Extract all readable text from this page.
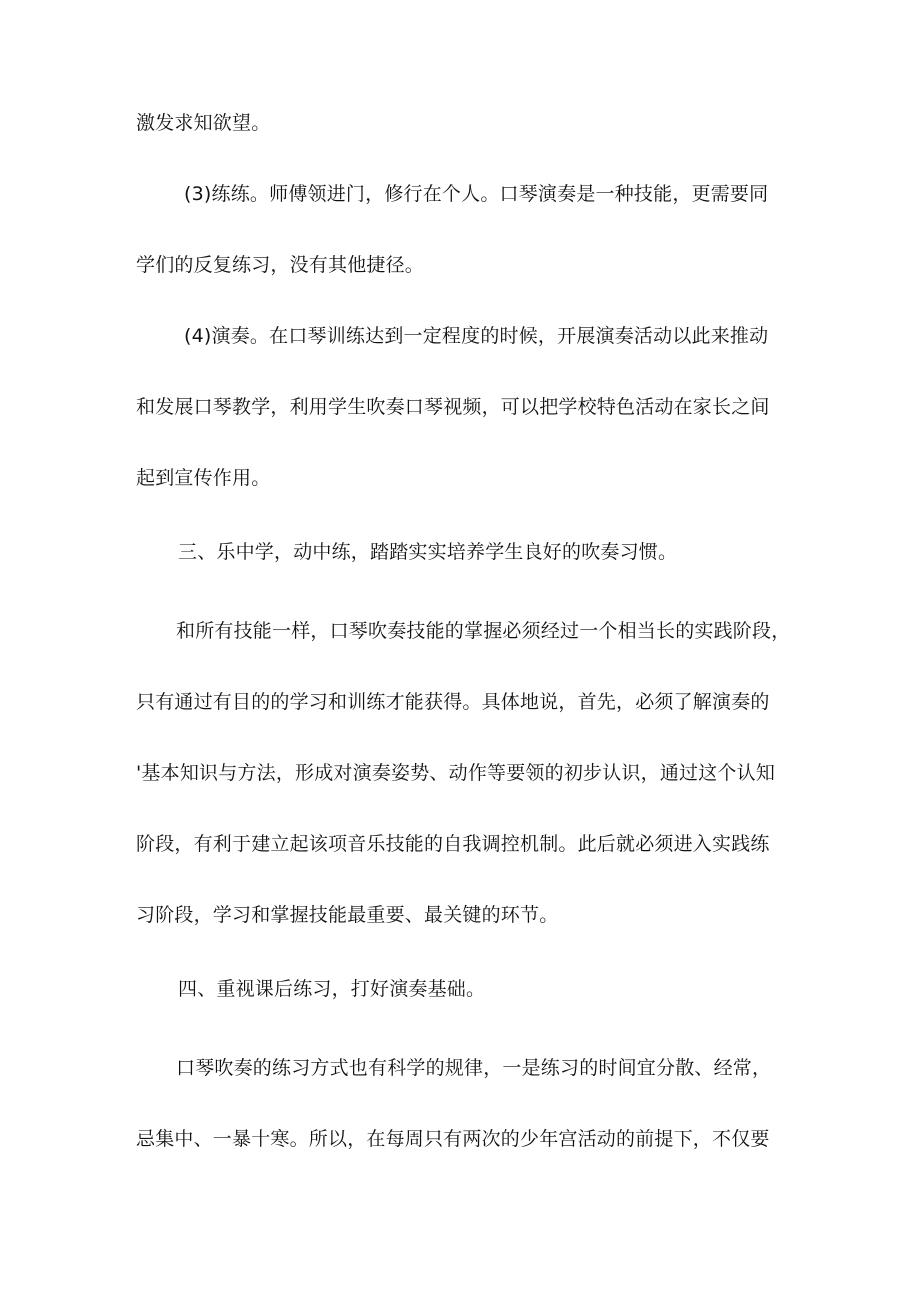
激发求知欲望。
(3)练练。师傅领进门，修行在个人。口琴演奏是一种技能，更需要同
学们的反复练习，没有其他捷径。
(4)演奏。在口琴训练达到一定程度的时候，开展演奏活动以此来推动
和发展口琴教学，利用学生吹奏口琴视频，可以把学校特色活动在家长之间
起到宣传作用。
三、乐中学，动中练，踏踏实实培养学生良好的吹奏习惯。
和所有技能一样，口琴吹奏技能的掌握必须经过一个相当长的实践阶段，
只有通过有目的的学习和训练才能获得。具体地说，首先，必须了解演奏的
'基本知识与方法，形成对演奏姿势、动作等要领的初步认识，通过这个认知
阶段，有利于建立起该项音乐技能的自我调控机制。此后就必须进入实践练
习阶段，学习和掌握技能最重要、最关键的环节。
四、重视课后练习，打好演奏基础。
口琴吹奏的练习方式也有科学的规律，一是练习的时间宜分散、经常，
忌集中、一暴十寒。所以，在每周只有两次的少年宫活动的前提下，不仅要
